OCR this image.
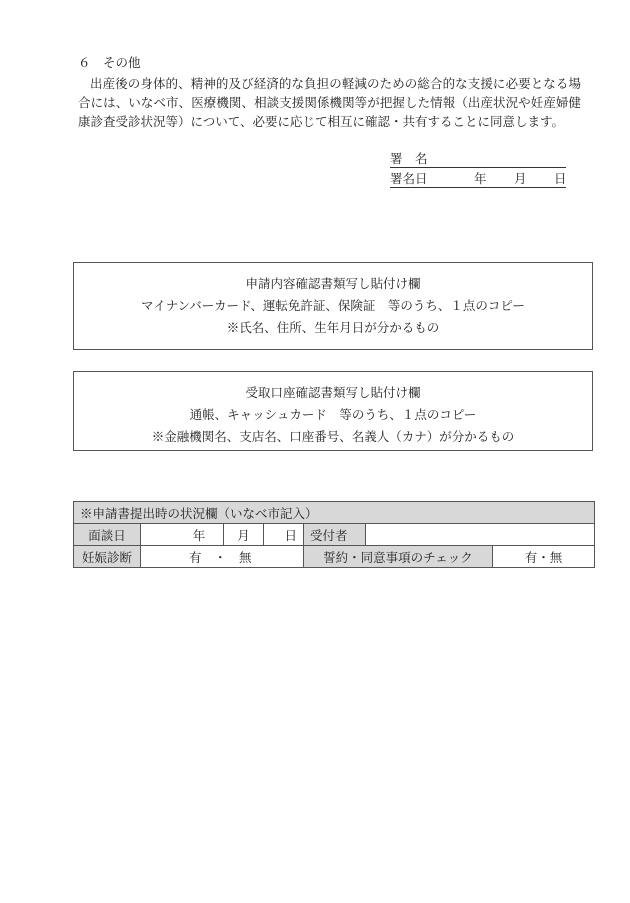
６　その他
出産後の身体的、精神的及び経済的な負担の軽減のための総合的な支援に必要となる場合には、いなべ市、医療機関、相談支援関係機関等が把握した情報（出産状況や妊産婦健康診査受診状況等）について、必要に応じて相互に確認・共有することに同意します。
署　名
署名日	年 月 日
申請内容確認書類写し貼付け欄
マイナンバーカード、運転免許証、保険証　等のうち、１点のコピー
※氏名、住所、生年月日が分かるもの
受取口座確認書類写し貼付け欄
通帳、キャッシュカード　等のうち、１点のコピー
※金融機関名、支店名、口座番号、名義人（カナ）が分かるもの
※申請書提出時の状況欄（いなべ市記入）						
面談日	年	月	日	受付者		
妊娠診断	有　・　無			誓約・同意事項のチェック		有・無
